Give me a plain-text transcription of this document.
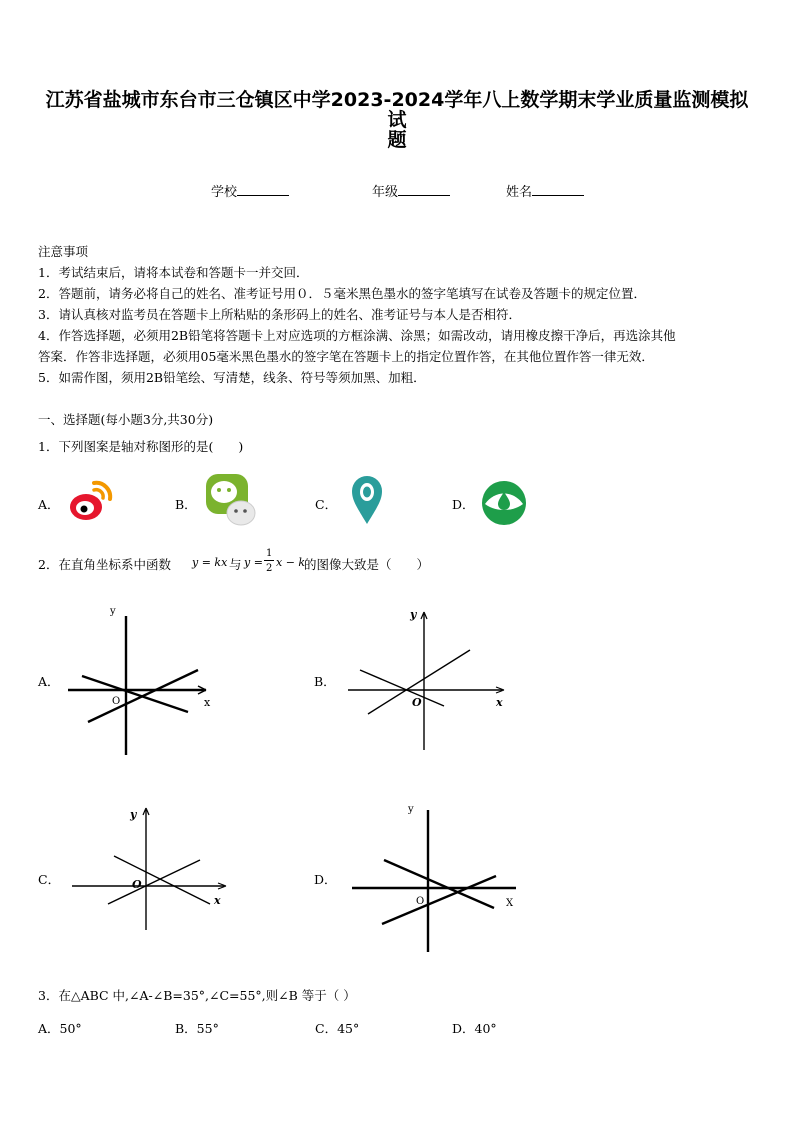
江苏省盐城市东台市三仓镇区中学2023-2024学年八上数学期末学业质量监测模拟试
题
学校	年级	姓名
注意事项
1．考试结束后，请将本试卷和答题卡一并交回．
2．答题前，请务必将自己的姓名、准考证号用０．５毫米黑色墨水的签字笔填写在试卷及答题卡的规定位置．
3．请认真核对监考员在答题卡上所粘贴的条形码上的姓名、准考证号与本人是否相符．
4．作答选择题，必须用2B铅笔将答题卡上对应选项的方框涂满、涂黑；如需改动，请用橡皮擦干净后，再选涂其他
答案．作答非选择题，必须用05毫米黑色墨水的签字笔在答题卡上的指定位置作答，在其他位置作答一律无效．
5．如需作图，须用2B铅笔绘、写清楚，线条、符号等须加黑、加粗．
一、选择题(每小题3分,共30分)
1．下列图案是轴对称图形的是(　　)
A．	B．	C．	D．
2．在直角坐标系中函数 y = kx 与 y =
1
2 x − k
的图像大致是（　　）
A．
y
x
O
B．
y
x
O
C．
y
x
O	D．
y
O	X
3．在△ABC 中,∠A-∠B=35°,∠C=55°,则∠B 等于（ ）
A．50°	B．55°	C．45°	D．40°
